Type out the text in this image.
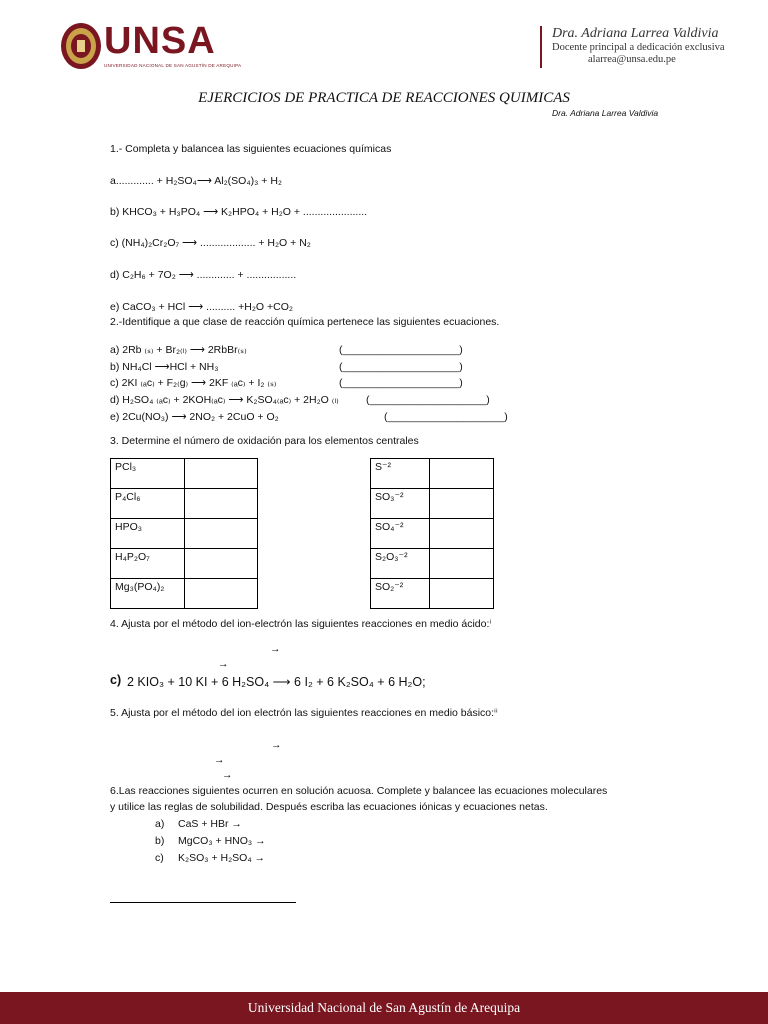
UNSA
UNIVERSIDAD NACIONAL DE SAN AGUSTÍN DE AREQUIPA
Dra. Adriana Larrea Valdivia
Docente principal a dedicación exclusiva
alarrea@unsa.edu.pe
EJERCICIOS DE PRACTICA DE REACCIONES QUIMICAS
Dra. Adriana Larrea Valdivia
1.- Completa y balancea las siguientes ecuaciones químicas
a............. + H₂SO₄⟶ Al₂(SO₄)₃ + H₂
b) KHCO₃ + H₃PO₄ ⟶ K₂HPO₄ + H₂O + ......................
c) (NH₄)₂Cr₂O₇ ⟶ ................... + H₂O + N₂
d) C₂H₆ + 7O₂ ⟶ ............. + .................
e) CaCO₃ + HCl ⟶ .......... +H₂O +CO₂
2.-Identifique a que clase de reacción química pertenece las siguientes ecuaciones.
a) 2Rb ₍ₛ₎ + Br₂₍ₗ₎ ⟶ 2RbBr₍ₛ₎	(____________________)
b) NH₄Cl ⟶HCl + NH₃	(____________________)
c) 2KI ₍ₐc₎ + F₂₍g₎ ⟶ 2KF ₍ₐc₎ + I₂ ₍ₛ₎	(____________________)
d) H₂SO₄ ₍ₐc₎ + 2KOH₍ₐc₎ ⟶ K₂SO₄₍ₐc₎ + 2H₂O ₍ₗ₎	(____________________)
e) 2Cu(NO₃) ⟶ 2NO₂ + 2CuO + O₂	(____________________)
3. Determine el número de oxidación para los elementos centrales
PCl₃	
P₄Cl₆	
HPO₃	
H₄P₂O₇	
Mg₃(PO₄)₂	
S⁻²	
SO₃⁻²	
SO₄⁻²	
S₂O₃⁻²	
SO₂⁻²	
4. Ajusta por el método del ion-electrón las siguientes reacciones en medio ácido:ⁱ
→
→
c) 2 KIO₃ + 10 KI + 6 H₂SO₄ ⟶ 6 I₂ + 6 K₂SO₄ + 6 H₂O;
5. Ajusta por el método del ion electrón las siguientes reacciones en medio básico:ⁱⁱ
→
→
→
6.Las reacciones siguientes ocurren en solución acuosa. Complete y balancee las ecuaciones moleculares
y utilice las reglas de solubilidad. Después escriba las ecuaciones iónicas y ecuaciones netas.
a) CaS + HBr →
b) MgCO₃ + HNO₃ →
c) K₂SO₃ + H₂SO₄ →
Universidad Nacional de San Agustín de Arequipa
